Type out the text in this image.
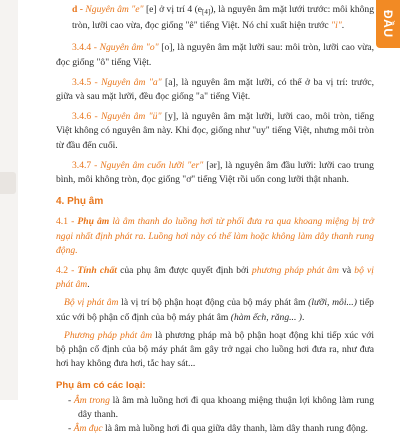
ĐẦU
d - Nguyên âm "e" [e] ở vị trí 4 $(e_{[4]})$, là nguyên âm mặt lưới trước: môi không tròn, lưỡi cao vừa, đọc giống "ê" tiếng Việt. Nó chỉ xuất hiện trước "i".
3.4.4 - Nguyên âm "o" [o], là nguyên âm mặt lưỡi sau: môi tròn, lưỡi cao vừa, đọc giống "ô" tiếng Việt.
3.4.5 - Nguyên âm "a" [a], là nguyên âm mặt lưỡi, có thể ở ba vị trí: trước, giữa và sau mặt lưỡi, đều đọc giống "a" tiếng Việt.
3.4.6 - Nguyên âm "ü" [y], là nguyên âm mặt lưỡi, lưỡi cao, môi tròn, tiếng Việt không có nguyên âm này. Khi đọc, giống như "uy" tiếng Việt, nhưng môi tròn từ đầu đến cuối.
3.4.7 - Nguyên âm cuốn lưỡi "er" [ər], là nguyên âm đầu lưỡi: lưỡi cao trung bình, môi không tròn, đọc giống "ơ" tiếng Việt rồi uốn cong lưỡi thật nhanh.
4. Phụ âm
4.1 - Phụ âm là âm thanh do luồng hơi từ phổi đưa ra qua khoang miệng bị trở ngại nhất định phát ra. Luồng hơi này có thể làm hoặc không làm dây thanh rung động.
4.2 - Tính chất của phụ âm được quyết định bởi phương pháp phát âm và bộ vị phát âm.
Bộ vị phát âm là vị trí bộ phận hoạt động của bộ máy phát âm (lưỡi, môi...) tiếp xúc với bộ phận cố định của bộ máy phát âm (hàm ếch, răng... ).
Phương pháp phát âm là phương pháp mà bộ phận hoạt động khi tiếp xúc với bộ phận cố định của bộ máy phát âm gây trở ngại cho luồng hơi đưa ra, như đưa hơi hay không đưa hơi, tắc hay sát...
Phụ âm có các loại:
- Âm trong là âm mà luồng hơi đi qua khoang miệng thuận lợi không làm rung dây thanh.
- Âm đục là âm mà luồng hơi đi qua giữa dây thanh, làm dây thanh rung động.
